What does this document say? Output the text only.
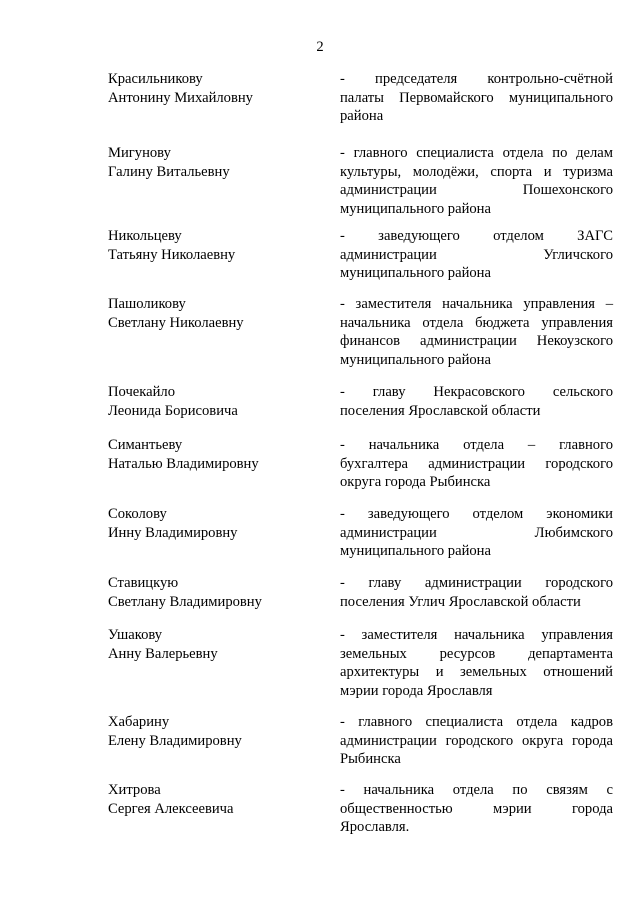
2
Красильникову
Антонину Михайловну
- председателя контрольно-счётной
палаты Первомайского муниципального
района
Мигунову
Галину Витальевну
- главного специалиста отдела по делам
культуры, молодёжи, спорта и туризма
администрации Пошехонского
муниципального района
Никольцеву
Татьяну Николаевну
- заведующего отделом ЗАГС
администрации Угличского
муниципального района
Пашоликову
Светлану Николаевну
- заместителя начальника управления –
начальника отдела бюджета управления
финансов администрации Некоузского
муниципального района
Почекайло
Леонида Борисовича
- главу Некрасовского сельского
поселения Ярославской области
Симантьеву
Наталью Владимировну
- начальника отдела – главного
бухгалтера администрации городского
округа города Рыбинска
Соколову
Инну Владимировну
- заведующего отделом экономики
администрации Любимского
муниципального района
Ставицкую
Светлану Владимировну
- главу администрации городского
поселения Углич Ярославской области
Ушакову
Анну Валерьевну
- заместителя начальника управления
земельных ресурсов департамента
архитектуры и земельных отношений
мэрии города Ярославля
Хабарину
Елену Владимировну
- главного специалиста отдела кадров
администрации городского округа города
Рыбинска
Хитрова
Сергея Алексеевича
- начальника отдела по связям с
общественностью мэрии города
Ярославля.
